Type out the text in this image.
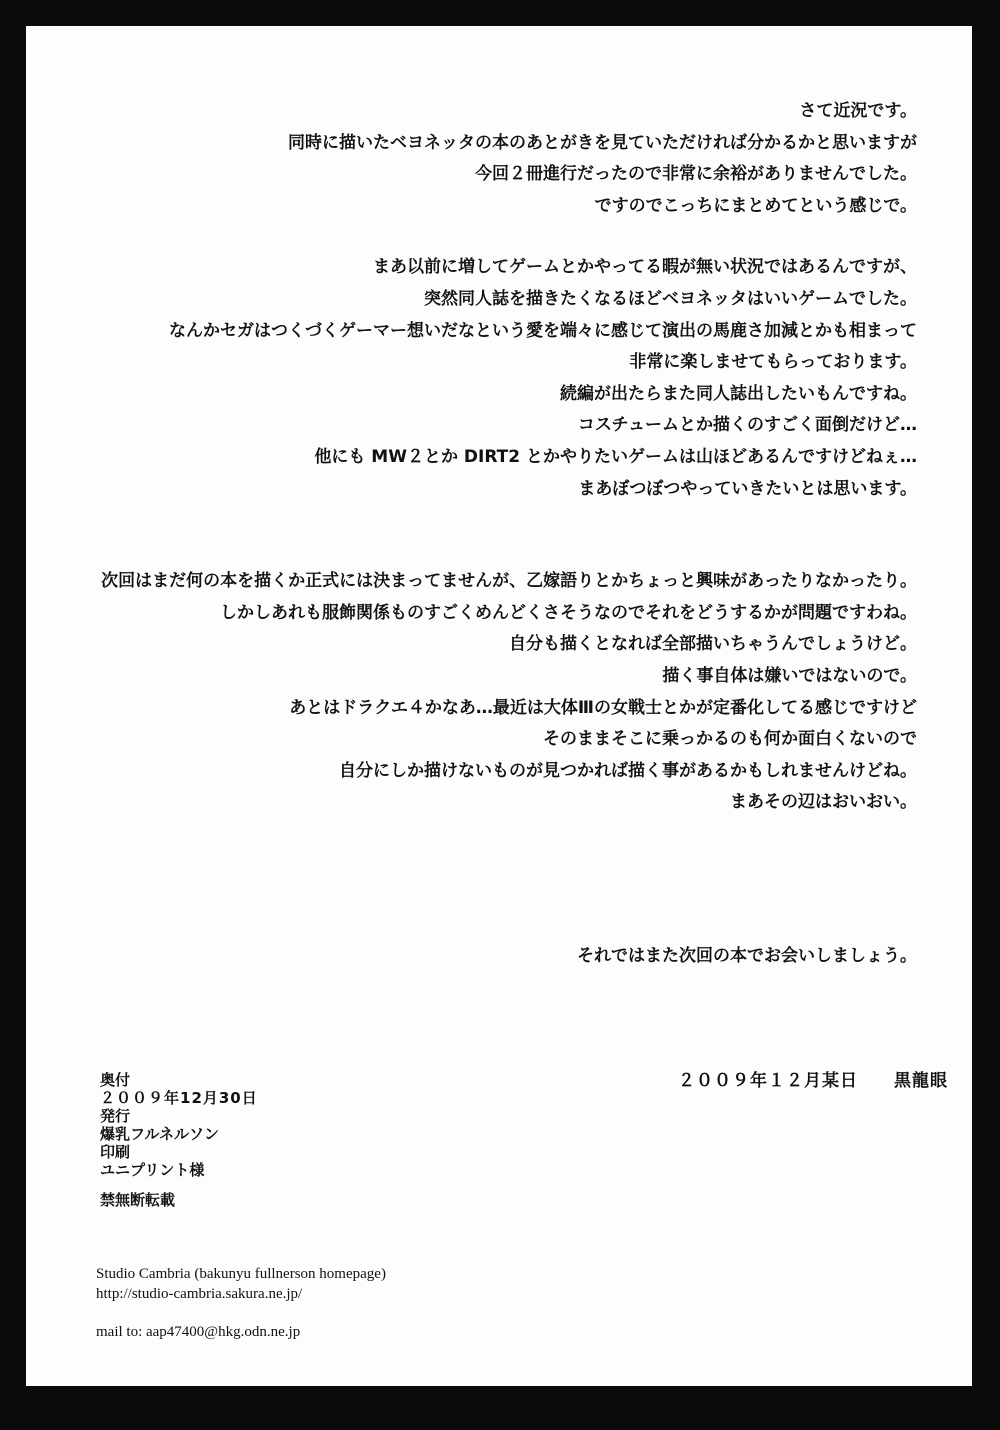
さて近況です。
同時に描いたベヨネッタの本のあとがきを見ていただければ分かるかと思いますが
今回２冊進行だったので非常に余裕がありませんでした。
ですのでこっちにまとめてという感じで。
まあ以前に増してゲームとかやってる暇が無い状況ではあるんですが、
突然同人誌を描きたくなるほどベヨネッタはいいゲームでした。
なんかセガはつくづくゲーマー想いだなという愛を端々に感じて演出の馬鹿さ加減とかも相まって
非常に楽しませてもらっております。
続編が出たらまた同人誌出したいもんですね。
コスチュームとか描くのすごく面倒だけど…
他にも MW２とか DIRT2 とかやりたいゲームは山ほどあるんですけどねぇ…
まあぼつぼつやっていきたいとは思います。
次回はまだ何の本を描くか正式には決まってませんが、乙嫁語りとかちょっと興味があったりなかったり。
しかしあれも服飾関係ものすごくめんどくさそうなのでそれをどうするかが問題ですわね。
自分も描くとなれば全部描いちゃうんでしょうけど。
描く事自体は嫌いではないので。
あとはドラクエ４かなあ…最近は大体Ⅲの女戦士とかが定番化してる感じですけど
そのままそこに乗っかるのも何か面白くないので
自分にしか描けないものが見つかれば描く事があるかもしれませんけどね。
まあその辺はおいおい。
それではまた次回の本でお会いしましょう。
２００９年１２月某日 黒龍眼
奥付
２００９年12月30日
発行
爆乳フルネルソン
印刷
ユニプリント様
禁無断転載
Studio Cambria (bakunyu fullnerson homepage)
http://studio-cambria.sakura.ne.jp/
mail to: aap47400@hkg.odn.ne.jp
